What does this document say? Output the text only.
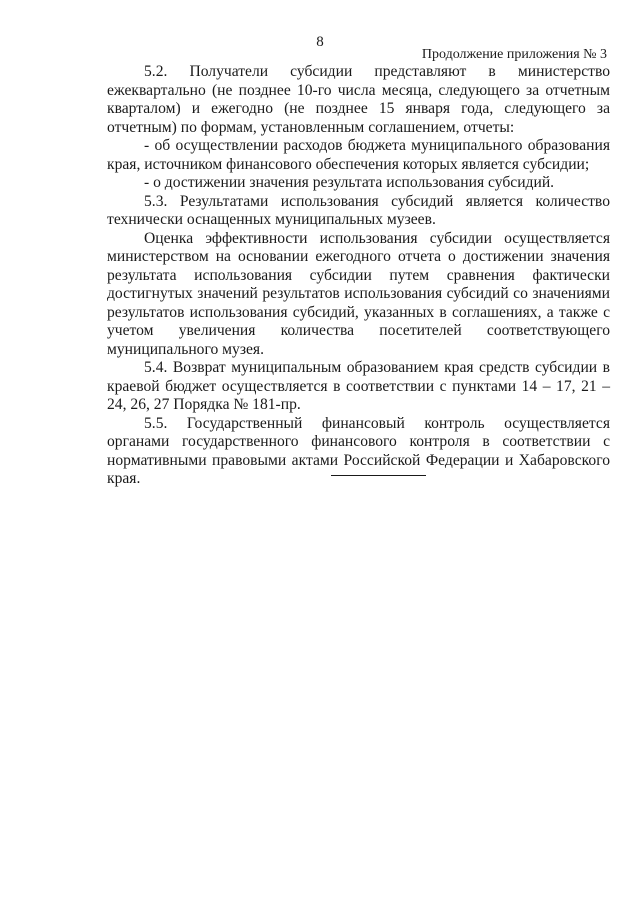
8
Продолжение приложения № 3

5.2. Получатели субсидии представляют в министерство ежеквартально (не позднее 10-го числа месяца, следующего за отчетным кварталом) и ежегодно (не позднее 15 января года, следующего за отчетным) по формам, установленным соглашением, отчеты:

- об осуществлении расходов бюджета муниципального образования края, источником финансового обеспечения которых является субсидии;

- о достижении значения результата использования субсидий.

5.3. Результатами использования субсидий является количество технически оснащенных муниципальных музеев.

Оценка эффективности использования субсидии осуществляется министерством на основании ежегодного отчета о достижении значения результата использования субсидии путем сравнения фактически достигнутых значений результатов использования субсидий со значениями результатов использования субсидий, указанных в соглашениях, а также с учетом увеличения количества посетителей соответствующего муниципального музея.

5.4. Возврат муниципальным образованием края средств субсидии в краевой бюджет осуществляется в соответствии с пунктами 14 – 17, 21 – 24, 26, 27 Порядка № 181-пр.

5.5. Государственный финансовый контроль осуществляется органами государственного финансового контроля в соответствии с нормативными правовыми актами Российской Федерации и Хабаровского края.
